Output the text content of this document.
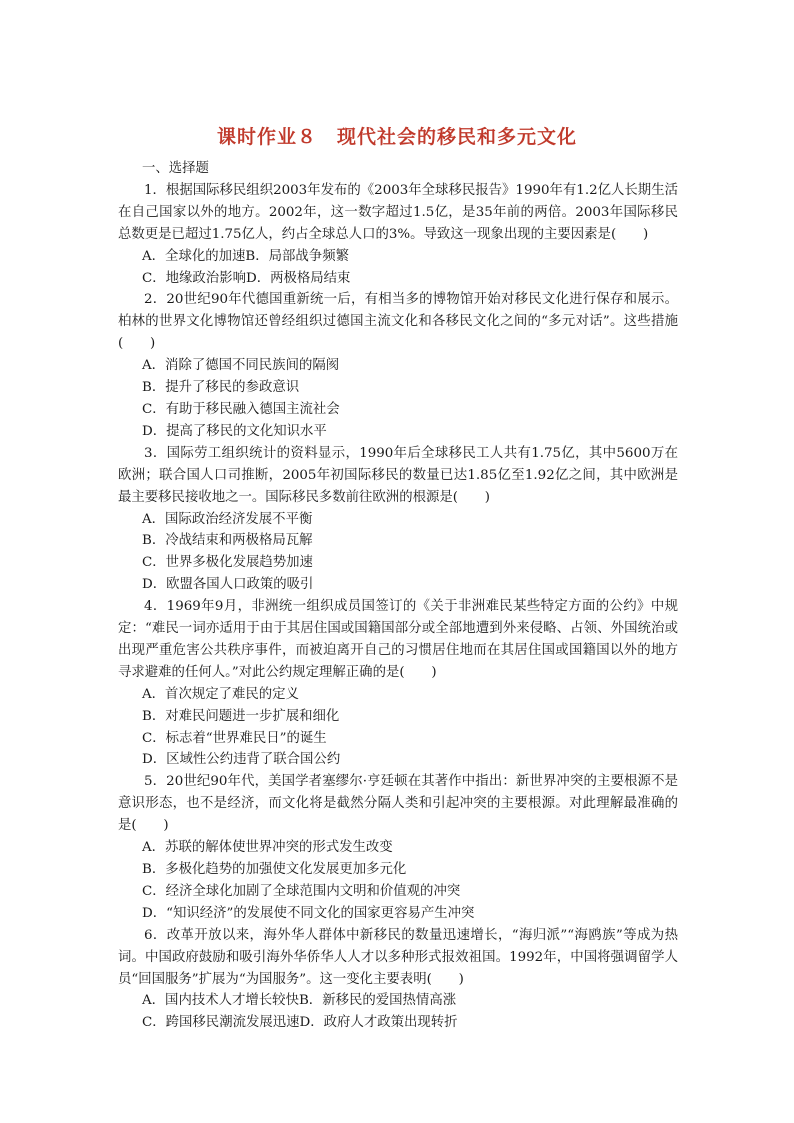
课时作业８　现代社会的移民和多元文化

一、选择题

1．根据国际移民组织2003年发布的《2003年全球移民报告》1990年有1.2亿人长期生活在自己国家以外的地方。2002年，这一数字超过1.5亿，是35年前的两倍。2003年国际移民总数更是已超过1.75亿人，约占全球总人口的3%。导致这一现象出现的主要因素是(　　)

A．全球化的加速B．局部战争频繁

C．地缘政治影响D．两极格局结束

2．20世纪90年代德国重新统一后，有相当多的博物馆开始对移民文化进行保存和展示。柏林的世界文化博物馆还曾经组织过德国主流文化和各移民文化之间的“多元对话”。这些措施(　　)

A．消除了德国不同民族间的隔阂

B．提升了移民的参政意识

C．有助于移民融入德国主流社会

D．提高了移民的文化知识水平

3．国际劳工组织统计的资料显示，1990年后全球移民工人共有1.75亿，其中5600万在欧洲；联合国人口司推断，2005年初国际移民的数量已达1.85亿至1.92亿之间，其中欧洲是最主要移民接收地之一。国际移民多数前往欧洲的根源是(　　)

A．国际政治经济发展不平衡

B．冷战结束和两极格局瓦解

C．世界多极化发展趋势加速

D．欧盟各国人口政策的吸引

4．1969年9月，非洲统一组织成员国签订的《关于非洲难民某些特定方面的公约》中规定：“难民一词亦适用于由于其居住国或国籍国部分或全部地遭到外来侵略、占领、外国统治或出现严重危害公共秩序事件，而被迫离开自己的习惯居住地而在其居住国或国籍国以外的地方寻求避难的任何人。”对此公约规定理解正确的是(　　)

A．首次规定了难民的定义

B．对难民问题进一步扩展和细化

C．标志着“世界难民日”的诞生

D．区域性公约违背了联合国公约

5．20世纪90年代，美国学者塞缪尔·亨廷顿在其著作中指出：新世界冲突的主要根源不是意识形态，也不是经济，而文化将是截然分隔人类和引起冲突的主要根源。对此理解最准确的是(　　)

A．苏联的解体使世界冲突的形式发生改变

B．多极化趋势的加强使文化发展更加多元化

C．经济全球化加剧了全球范围内文明和价值观的冲突

D．“知识经济”的发展使不同文化的国家更容易产生冲突

6．改革开放以来，海外华人群体中新移民的数量迅速增长，“海归派”“海鸥族”等成为热词。中国政府鼓励和吸引海外华侨华人人才以多种形式报效祖国。1992年，中国将强调留学人员“回国服务”扩展为“为国服务”。这一变化主要表明(　　)

A．国内技术人才增长较快B．新移民的爱国热情高涨

C．跨国移民潮流发展迅速D．政府人才政策出现转折
